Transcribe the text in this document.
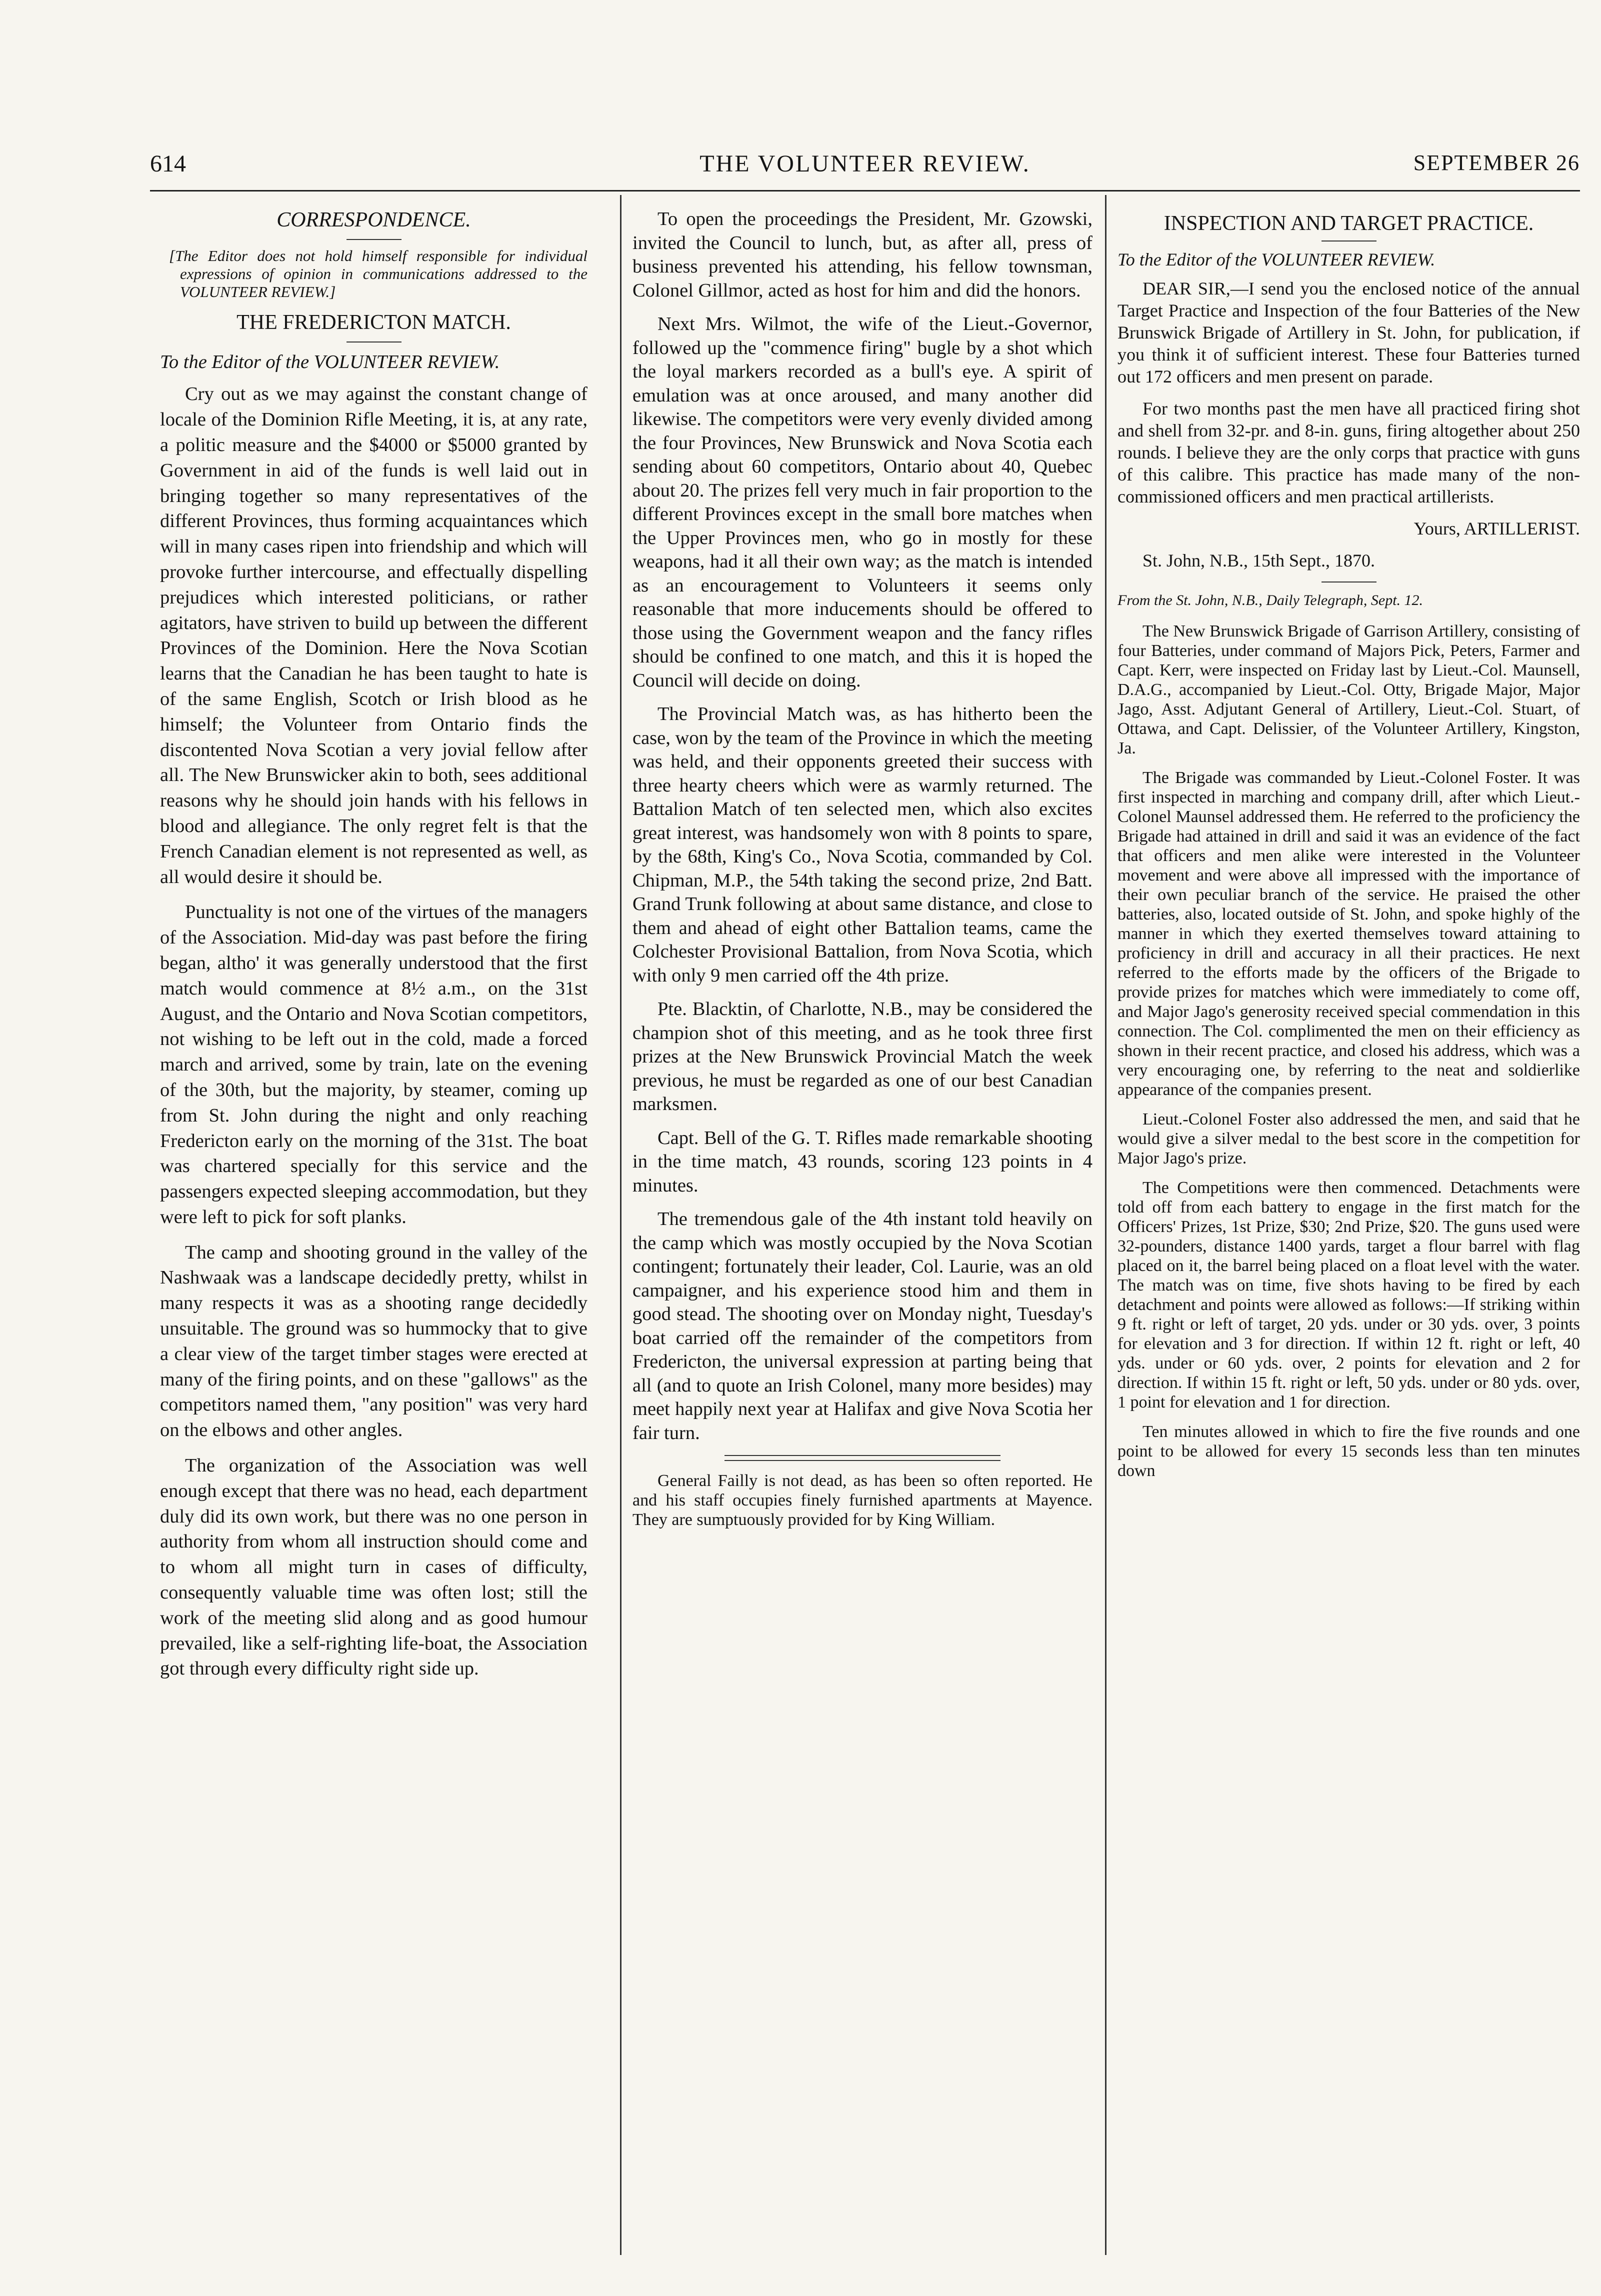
614	THE VOLUNTEER REVIEW.	SEPTEMBER 26

CORRESPONDENCE.

[The Editor does not hold himself responsible for individual expressions of opinion in communications addressed to the VOLUNTEER REVIEW.]

THE FREDERICTON MATCH.

To the Editor of the VOLUNTEER REVIEW.

Cry out as we may against the constant change of locale of the Dominion Rifle Meeting, it is, at any rate, a politic measure and the $4000 or $5000 granted by Government in aid of the funds is well laid out in bringing together so many representatives of the different Provinces, thus forming acquaintances which will in many cases ripen into friendship and which will provoke further intercourse, and effectually dispelling prejudices which interested politicians, or rather agitators, have striven to build up between the different Provinces of the Dominion. Here the Nova Scotian learns that the Canadian he has been taught to hate is of the same English, Scotch or Irish blood as he himself; the Volunteer from Ontario finds the discontented Nova Scotian a very jovial fellow after all. The New Brunswicker akin to both, sees additional reasons why he should join hands with his fellows in blood and allegiance. The only regret felt is that the French Canadian element is not represented as well, as all would desire it should be.

Punctuality is not one of the virtues of the managers of the Association. Mid-day was past before the firing began, altho' it was generally understood that the first match would commence at 8½ a.m., on the 31st August, and the Ontario and Nova Scotian competitors, not wishing to be left out in the cold, made a forced march and arrived, some by train, late on the evening of the 30th, but the majority, by steamer, coming up from St. John during the night and only reaching Fredericton early on the morning of the 31st. The boat was chartered specially for this service and the passengers expected sleeping accommodation, but they were left to pick for soft planks.

The camp and shooting ground in the valley of the Nashwaak was a landscape decidedly pretty, whilst in many respects it was as a shooting range decidedly unsuitable. The ground was so hummocky that to give a clear view of the target timber stages were erected at many of the firing points, and on these "gallows" as the competitors named them, "any position" was very hard on the elbows and other angles.

The organization of the Association was well enough except that there was no head, each department duly did its own work, but there was no one person in authority from whom all instruction should come and to whom all might turn in cases of difficulty, consequently valuable time was often lost; still the work of the meeting slid along and as good humour prevailed, like a self-righting life-boat, the Association got through every difficulty right side up.

To open the proceedings the President, Mr. Gzowski, invited the Council to lunch, but, as after all, press of business prevented his attending, his fellow townsman, Colonel Gillmor, acted as host for him and did the honors.

Next Mrs. Wilmot, the wife of the Lieut.-Governor, followed up the "commence firing" bugle by a shot which the loyal markers recorded as a bull's eye. A spirit of emulation was at once aroused, and many another did likewise. The competitors were very evenly divided among the four Provinces, New Brunswick and Nova Scotia each sending about 60 competitors, Ontario about 40, Quebec about 20. The prizes fell very much in fair proportion to the different Provinces except in the small bore matches when the Upper Provinces men, who go in mostly for these weapons, had it all their own way; as the match is intended as an encouragement to Volunteers it seems only reasonable that more inducements should be offered to those using the Government weapon and the fancy rifles should be confined to one match, and this it is hoped the Council will decide on doing.

The Provincial Match was, as has hitherto been the case, won by the team of the Province in which the meeting was held, and their opponents greeted their success with three hearty cheers which were as warmly returned. The Battalion Match of ten selected men, which also excites great interest, was handsomely won with 8 points to spare, by the 68th, King's Co., Nova Scotia, commanded by Col. Chipman, M.P., the 54th taking the second prize, 2nd Batt. Grand Trunk following at about same distance, and close to them and ahead of eight other Battalion teams, came the Colchester Provisional Battalion, from Nova Scotia, which with only 9 men carried off the 4th prize.

Pte. Blacktin, of Charlotte, N.B., may be considered the champion shot of this meeting, and as he took three first prizes at the New Brunswick Provincial Match the week previous, he must be regarded as one of our best Canadian marksmen.

Capt. Bell of the G. T. Rifles made remarkable shooting in the time match, 43 rounds, scoring 123 points in 4 minutes.

The tremendous gale of the 4th instant told heavily on the camp which was mostly occupied by the Nova Scotian contingent; fortunately their leader, Col. Laurie, was an old campaigner, and his experience stood him and them in good stead. The shooting over on Monday night, Tuesday's boat carried off the remainder of the competitors from Fredericton, the universal expression at parting being that all (and to quote an Irish Colonel, many more besides) may meet happily next year at Halifax and give Nova Scotia her fair turn.

General Failly is not dead, as has been so often reported. He and his staff occupies finely furnished apartments at Mayence. They are sumptuously provided for by King William.

INSPECTION AND TARGET PRACTICE.

To the Editor of the VOLUNTEER REVIEW.

DEAR SIR,—I send you the enclosed notice of the annual Target Practice and Inspection of the four Batteries of the New Brunswick Brigade of Artillery in St. John, for publication, if you think it of sufficient interest. These four Batteries turned out 172 officers and men present on parade.

For two months past the men have all practiced firing shot and shell from 32-pr. and 8-in. guns, firing altogether about 250 rounds. I believe they are the only corps that practice with guns of this calibre. This practice has made many of the non-commissioned officers and men practical artillerists.

Yours, ARTILLERIST.

St. John, N.B., 15th Sept., 1870.

From the St. John, N.B., Daily Telegraph, Sept. 12.

The New Brunswick Brigade of Garrison Artillery, consisting of four Batteries, under command of Majors Pick, Peters, Farmer and Capt. Kerr, were inspected on Friday last by Lieut.-Col. Maunsell, D.A.G., accompanied by Lieut.-Col. Otty, Brigade Major, Major Jago, Asst. Adjutant General of Artillery, Lieut.-Col. Stuart, of Ottawa, and Capt. Delissier, of the Volunteer Artillery, Kingston, Ja.

The Brigade was commanded by Lieut.-Colonel Foster. It was first inspected in marching and company drill, after which Lieut.-Colonel Maunsel addressed them. He referred to the proficiency the Brigade had attained in drill and said it was an evidence of the fact that officers and men alike were interested in the Volunteer movement and were above all impressed with the importance of their own peculiar branch of the service. He praised the other batteries, also, located outside of St. John, and spoke highly of the manner in which they exerted themselves toward attaining to proficiency in drill and accuracy in all their practices. He next referred to the efforts made by the officers of the Brigade to provide prizes for matches which were immediately to come off, and Major Jago's generosity received special commendation in this connection. The Col. complimented the men on their efficiency as shown in their recent practice, and closed his address, which was a very encouraging one, by referring to the neat and soldierlike appearance of the companies present.

Lieut.-Colonel Foster also addressed the men, and said that he would give a silver medal to the best score in the competition for Major Jago's prize.

The Competitions were then commenced. Detachments were told off from each battery to engage in the first match for the Officers' Prizes, 1st Prize, $30; 2nd Prize, $20. The guns used were 32-pounders, distance 1400 yards, target a flour barrel with flag placed on it, the barrel being placed on a float level with the water. The match was on time, five shots having to be fired by each detachment and points were allowed as follows:—If striking within 9 ft. right or left of target, 20 yds. under or 30 yds. over, 3 points for elevation and 3 for direction. If within 12 ft. right or left, 40 yds. under or 60 yds. over, 2 points for elevation and 2 for direction. If within 15 ft. right or left, 50 yds. under or 80 yds. over, 1 point for elevation and 1 for direction.

Ten minutes allowed in which to fire the five rounds and one point to be allowed for every 15 seconds less than ten minutes down
